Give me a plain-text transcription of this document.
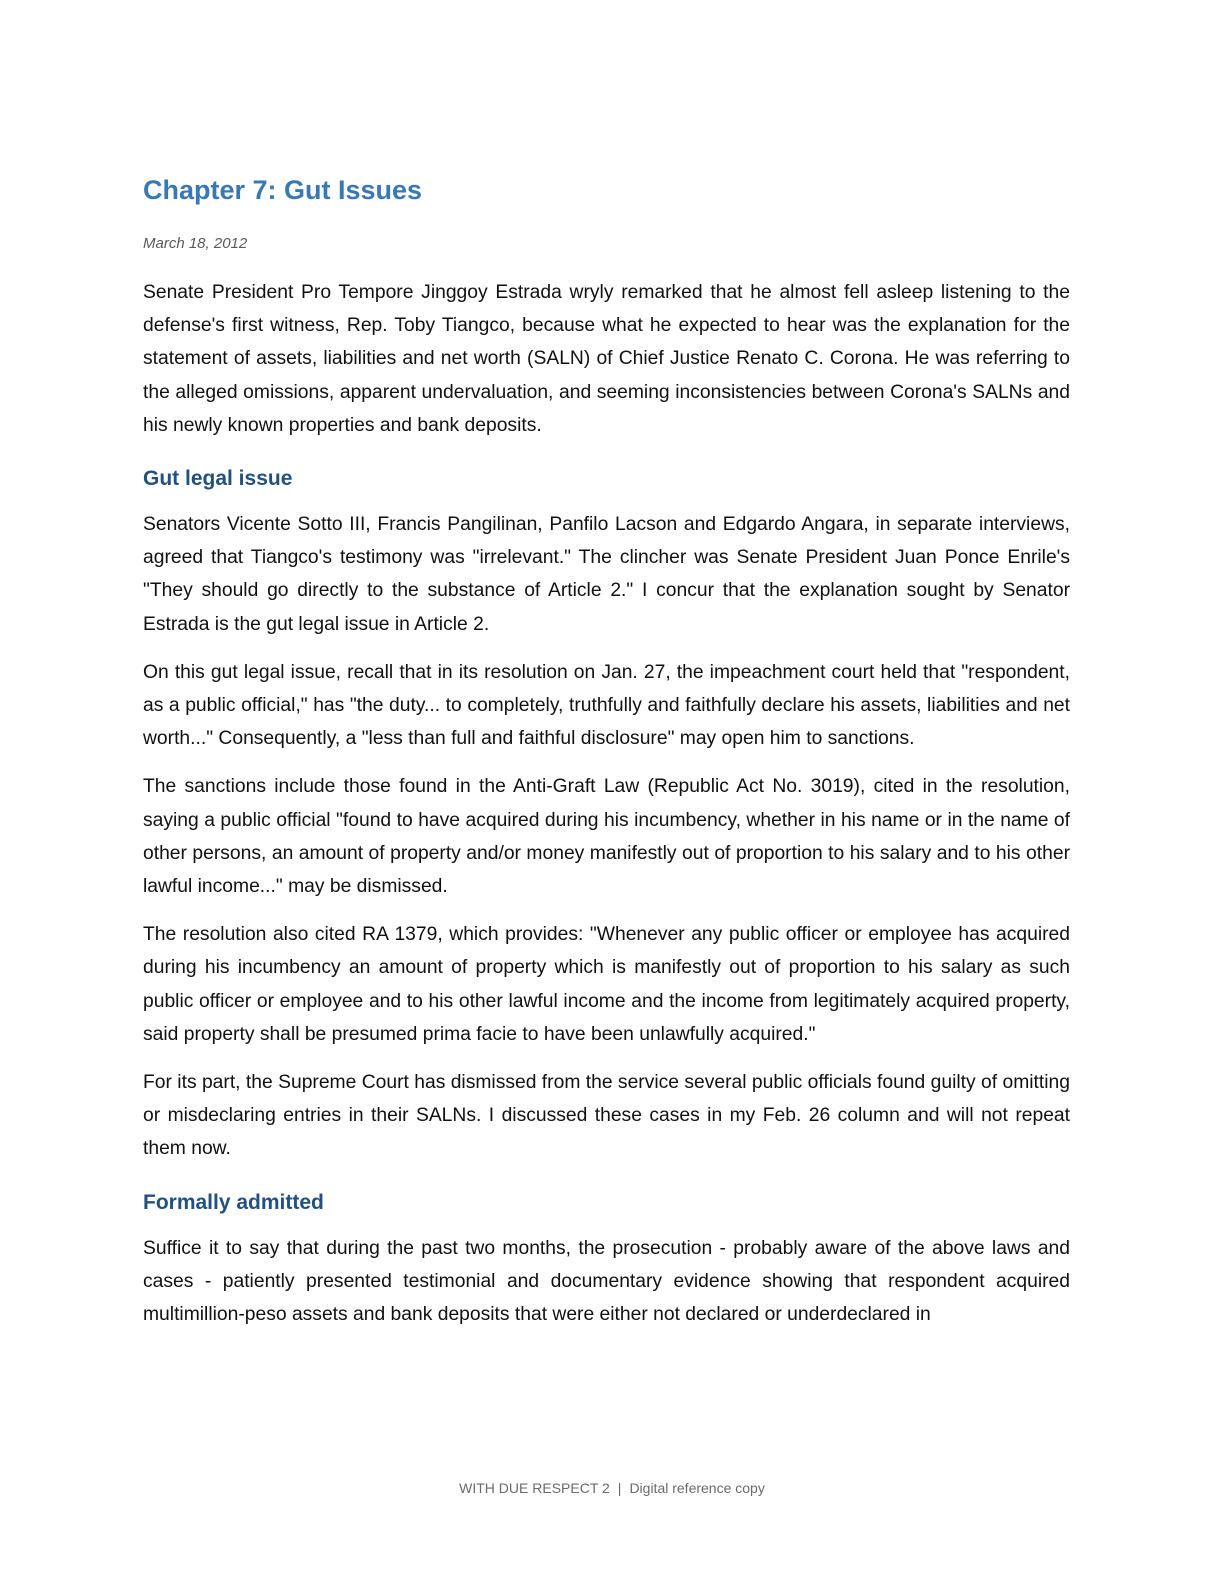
Chapter 7: Gut Issues
March 18, 2012

Senate President Pro Tempore Jinggoy Estrada wryly remarked that he almost fell asleep listening to the defense's first witness, Rep. Toby Tiangco, because what he expected to hear was the explanation for the statement of assets, liabilities and net worth (SALN) of Chief Justice Renato C. Corona. He was referring to the alleged omissions, apparent undervaluation, and seeming inconsistencies between Corona's SALNs and his newly known properties and bank deposits.

Gut legal issue

Senators Vicente Sotto III, Francis Pangilinan, Panfilo Lacson and Edgardo Angara, in separate interviews, agreed that Tiangco's testimony was "irrelevant." The clincher was Senate President Juan Ponce Enrile's "They should go directly to the substance of Article 2." I concur that the explanation sought by Senator Estrada is the gut legal issue in Article 2.

On this gut legal issue, recall that in its resolution on Jan. 27, the impeachment court held that "respondent, as a public official," has "the duty... to completely, truthfully and faithfully declare his assets, liabilities and net worth..." Consequently, a "less than full and faithful disclosure" may open him to sanctions.

The sanctions include those found in the Anti-Graft Law (Republic Act No. 3019), cited in the resolution, saying a public official "found to have acquired during his incumbency, whether in his name or in the name of other persons, an amount of property and/or money manifestly out of proportion to his salary and to his other lawful income..." may be dismissed.

The resolution also cited RA 1379, which provides: "Whenever any public officer or employee has acquired during his incumbency an amount of property which is manifestly out of proportion to his salary as such public officer or employee and to his other lawful income and the income from legitimately acquired property, said property shall be presumed prima facie to have been unlawfully acquired."

For its part, the Supreme Court has dismissed from the service several public officials found guilty of omitting or misdeclaring entries in their SALNs. I discussed these cases in my Feb. 26 column and will not repeat them now.

Formally admitted

Suffice it to say that during the past two months, the prosecution - probably aware of the above laws and cases - patiently presented testimonial and documentary evidence showing that respondent acquired multimillion-peso assets and bank deposits that were either not declared or underdeclared in

WITH DUE RESPECT 2 | Digital reference copy
